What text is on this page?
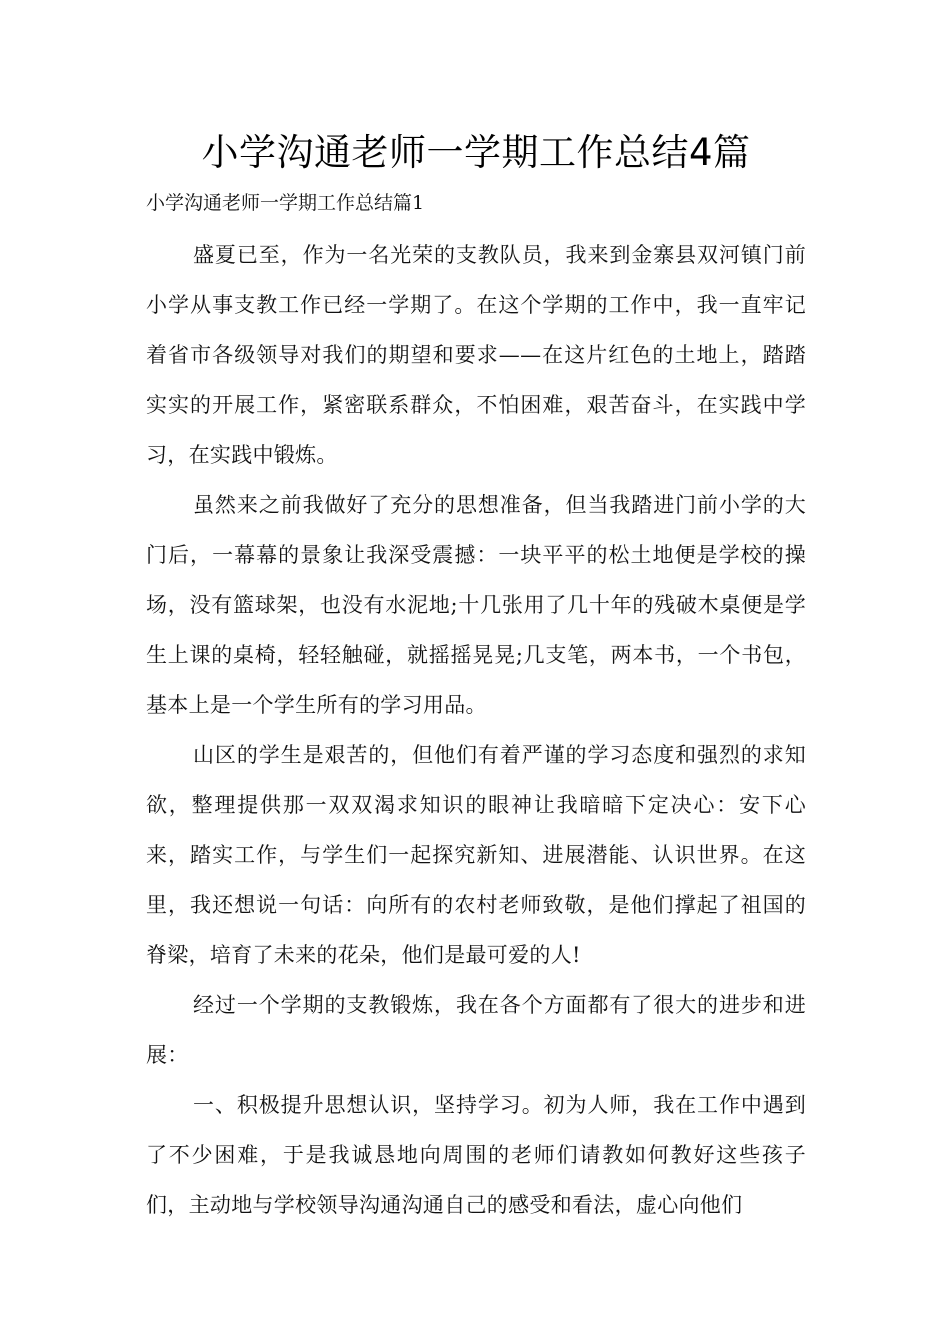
小学沟通老师一学期工作总结4篇
小学沟通老师一学期工作总结篇1

盛夏已至，作为一名光荣的支教队员，我来到金寨县双河镇门前小学从事支教工作已经一学期了。在这个学期的工作中，我一直牢记着省市各级领导对我们的期望和要求——在这片红色的土地上，踏踏实实的开展工作，紧密联系群众，不怕困难，艰苦奋斗，在实践中学习，在实践中锻炼。

虽然来之前我做好了充分的思想准备，但当我踏进门前小学的大门后，一幕幕的景象让我深受震撼：一块平平的松土地便是学校的操场，没有篮球架，也没有水泥地;十几张用了几十年的残破木桌便是学生上课的桌椅，轻轻触碰，就摇摇晃晃;几支笔，两本书，一个书包，基本上是一个学生所有的学习用品。

山区的学生是艰苦的，但他们有着严谨的学习态度和强烈的求知欲，整理提供那一双双渴求知识的眼神让我暗暗下定决心：安下心来，踏实工作，与学生们一起探究新知、进展潜能、认识世界。在这里，我还想说一句话：向所有的农村老师致敬，是他们撑起了祖国的脊梁，培育了未来的花朵，他们是最可爱的人!

经过一个学期的支教锻炼，我在各个方面都有了很大的进步和进展：

一、积极提升思想认识，坚持学习。初为人师，我在工作中遇到了不少困难，于是我诚恳地向周围的老师们请教如何教好这些孩子们，主动地与学校领导沟通沟通自己的感受和看法，虚心向他们
